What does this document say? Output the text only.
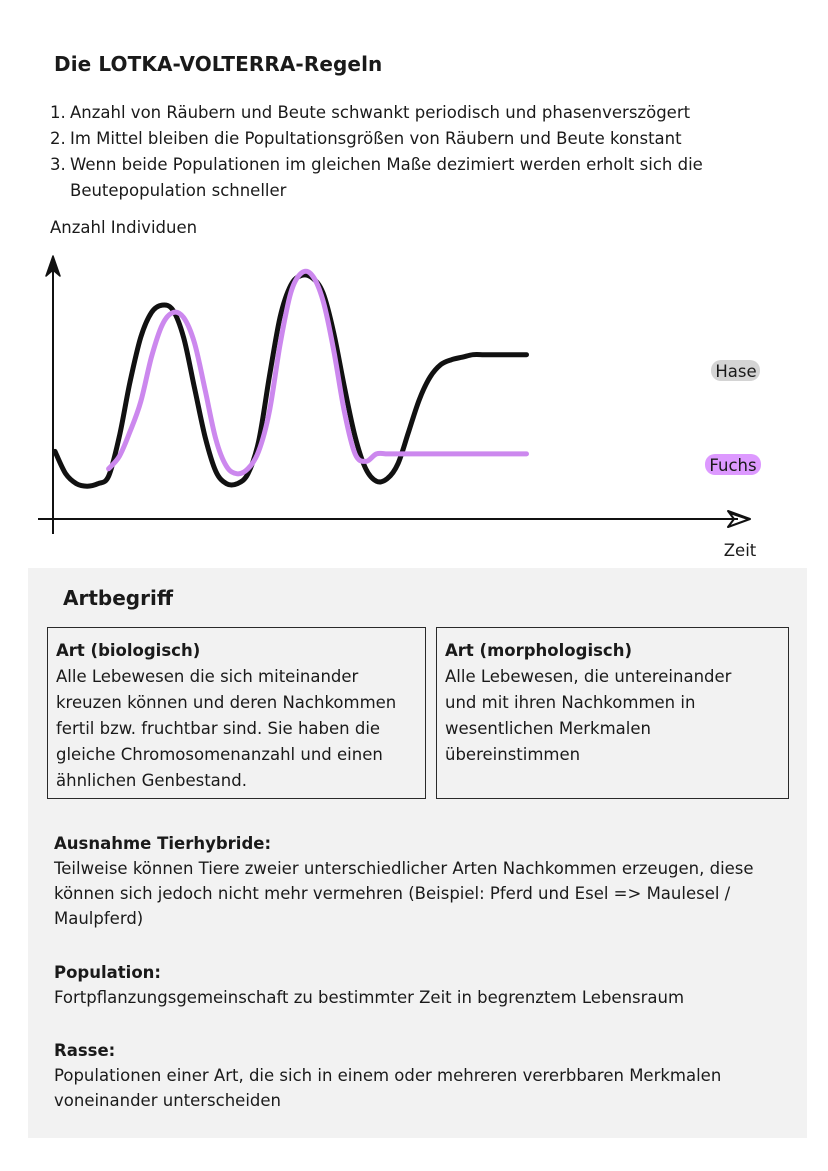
Die LOTKA-VOLTERRA-Regeln
1. Anzahl von Räubern und Beute schwankt periodisch und phasenverszögert
2. Im Mittel bleiben die Popultationsgrößen von Räubern und Beute konstant
3. Wenn beide Populationen im gleichen Maße dezimiert werden erholt sich die Beutepopulation schneller
Anzahl Individuen
Hase
Fuchs
Zeit
Artbegriff
Art (biologisch)
Alle Lebewesen die sich miteinander
kreuzen können und deren Nachkommen
fertil bzw. fruchtbar sind. Sie haben die
gleiche Chromosomenanzahl und einen
ähnlichen Genbestand.
Art (morphologisch)
Alle Lebewesen, die untereinander
und mit ihren Nachkommen in
wesentlichen Merkmalen
übereinstimmen
Ausnahme Tierhybride:
Teilweise können Tiere zweier unterschiedlicher Arten Nachkommen erzeugen, diese
können sich jedoch nicht mehr vermehren (Beispiel: Pferd und Esel => Maulesel /
Maulpferd)
Population:
Fortpflanzungsgemeinschaft zu bestimmter Zeit in begrenztem Lebensraum
Rasse:
Populationen einer Art, die sich in einem oder mehreren vererbbaren Merkmalen
voneinander unterscheiden
